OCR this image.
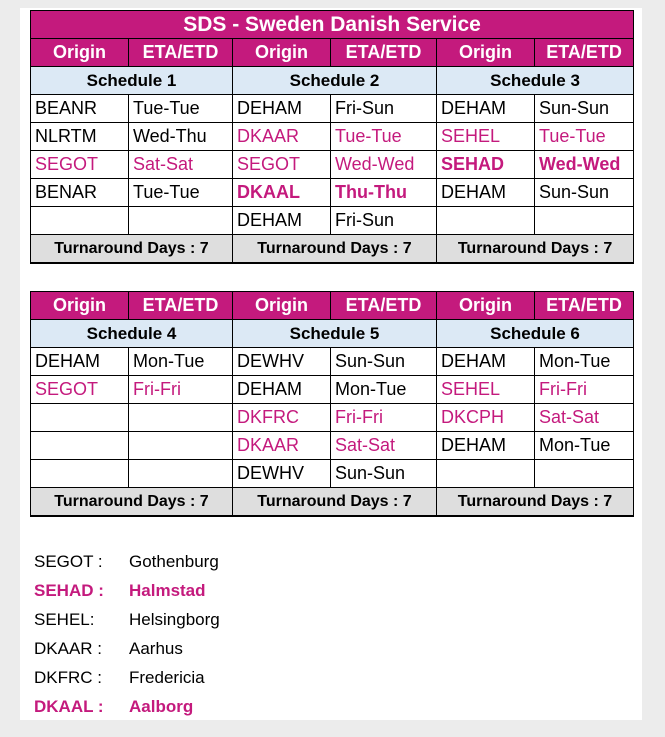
SDS - Sweden Danish Service					
Origin	ETA/ETD	Origin	ETA/ETD	Origin	ETA/ETD
Schedule 1		Schedule 2		Schedule 3	
BEANR	Tue-Tue	DEHAM	Fri-Sun	DEHAM	Sun-Sun
NLRTM	Wed-Thu	DKAAR	Tue-Tue	SEHEL	Tue-Tue
SEGOT	Sat-Sat	SEGOT	Wed-Wed	SEHAD	Wed-Wed
BENAR	Tue-Tue	DKAAL	Thu-Thu	DEHAM	Sun-Sun
		DEHAM	Fri-Sun		
Turnaround Days : 7		Turnaround Days : 7		Turnaround Days : 7	
Origin	ETA/ETD	Origin	ETA/ETD	Origin	ETA/ETD
Schedule 4		Schedule 5		Schedule 6	
DEHAM	Mon-Tue	DEWHV	Sun-Sun	DEHAM	Mon-Tue
SEGOT	Fri-Fri	DEHAM	Mon-Tue	SEHEL	Fri-Fri
		DKFRC	Fri-Fri	DKCPH	Sat-Sat
		DKAAR	Sat-Sat	DEHAM	Mon-Tue
		DEWHV	Sun-Sun		
Turnaround Days : 7		Turnaround Days : 7		Turnaround Days : 7	
SEGOT : Gothenburg
SEHAD : Halmstad
SEHEL: Helsingborg
DKAAR : Aarhus
DKFRC : Fredericia
DKAAL : Aalborg
